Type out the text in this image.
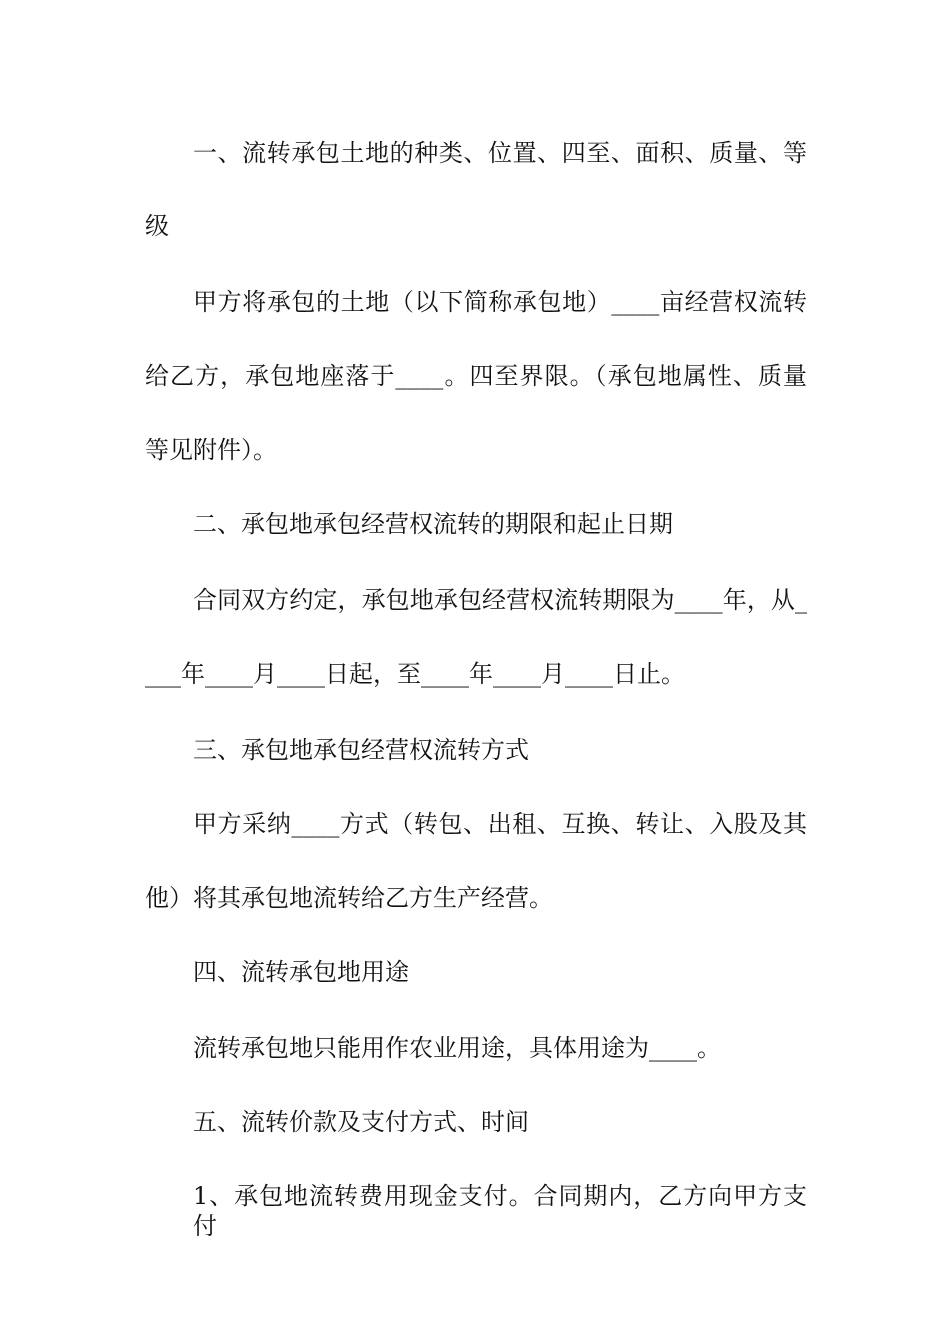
一、流转承包土地的种类、位置、四至、面积、质量、等
级
甲方将承包的土地（以下简称承包地）____亩经营权流转
给乙方，承包地座落于____。四至界限。（承包地属性、质量
等见附件）。
二、承包地承包经营权流转的期限和起止日期
合同双方约定，承包地承包经营权流转期限为____年，从_
___年____月____日起，至____年____月____日止。
三、承包地承包经营权流转方式
甲方采纳____方式（转包、出租、互换、转让、入股及其
他）将其承包地流转给乙方生产经营。
四、流转承包地用途
流转承包地只能用作农业用途，具体用途为____。
五、流转价款及支付方式、时间
1、承包地流转费用现金支付。合同期内，乙方向甲方支付
